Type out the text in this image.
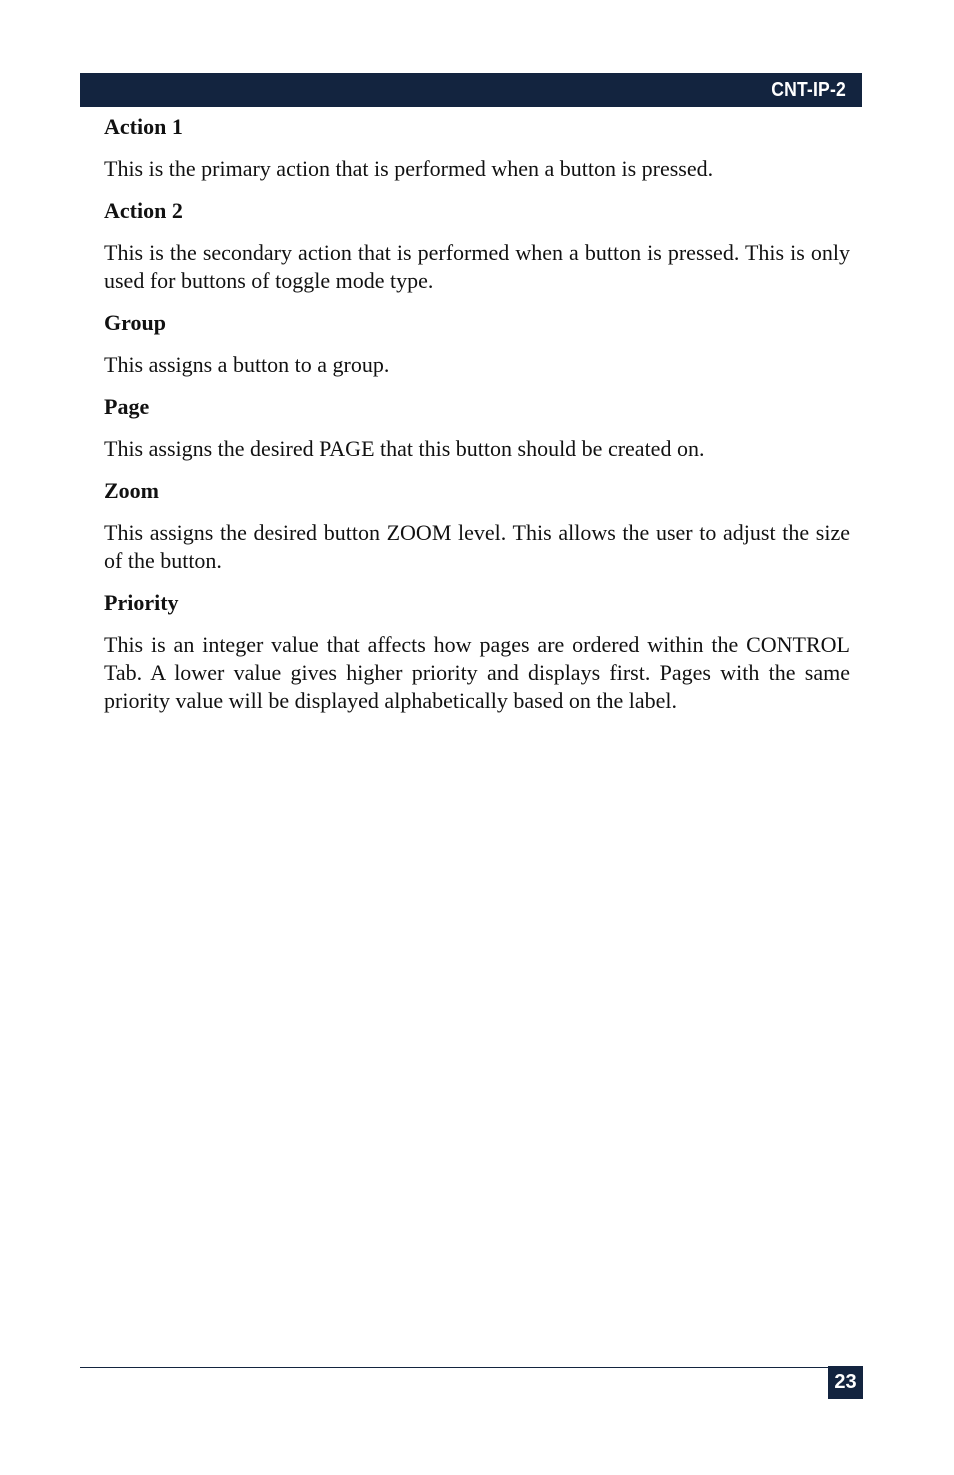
CNT-IP-2

Action 1

This is the primary action that is performed when a button is pressed.

Action 2

This is the secondary action that is performed when a button is pressed. This is only used for buttons of toggle mode type.

Group

This assigns a button to a group.

Page

This assigns the desired PAGE that this button should be created on.

Zoom

This assigns the desired button ZOOM level. This allows the user to adjust the size of the button.

Priority

This is an integer value that affects how pages are ordered within the CONTROL Tab. A lower value gives higher priority and displays first. Pages with the same priority value will be displayed alphabetically based on the label.

23
